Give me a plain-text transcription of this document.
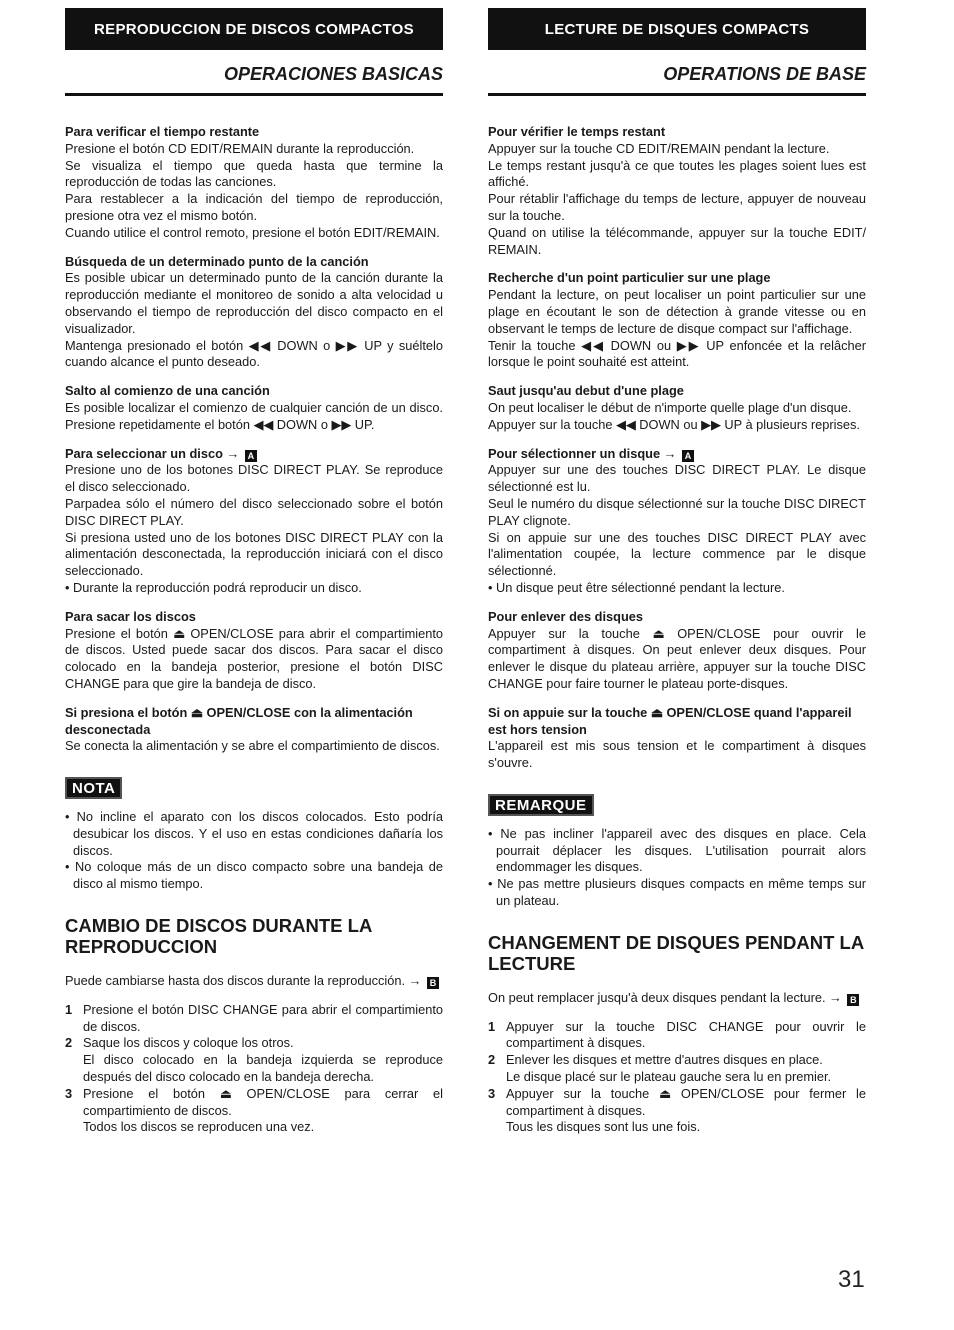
REPRODUCCION DE DISCOS COMPACTOS
OPERACIONES BASICAS
Para verificar el tiempo restante

Presione el botón CD EDIT/REMAIN durante la reproducción.

Se visualiza el tiempo que queda hasta que termine la reproducción de todas las canciones.

Para restablecer a la indicación del tiempo de reproducción, presione otra vez el mismo botón.

Cuando utilice el control remoto, presione el botón EDIT/REMAIN.

Búsqueda de un determinado punto de la canción

Es posible ubicar un determinado punto de la canción durante la reproducción mediante el monitoreo de sonido a alta velocidad u observando el tiempo de reproducción del disco compacto en el visualizador.

Mantenga presionado el botón ◀◀ DOWN o ▶▶ UP y suéltelo cuando alcance el punto deseado.

Salto al comienzo de una canción

Es posible localizar el comienzo de cualquier canción de un disco. Presione repetidamente el botón ◀◀ DOWN o ▶▶ UP.

Para seleccionar un disco → A

Presione uno de los botones DISC DIRECT PLAY. Se reproduce el disco seleccionado.

Parpadea sólo el número del disco seleccionado sobre el botón DISC DIRECT PLAY.

Si presiona usted uno de los botones DISC DIRECT PLAY con la alimentación desconectada, la reproducción iniciará con el disco seleccionado.

• Durante la reproducción podrá reproducir un disco.
Para sacar los discos

Presione el botón ⏏ OPEN/CLOSE para abrir el compartimiento de discos. Usted puede sacar dos discos. Para sacar el disco colocado en la bandeja posterior, presione el botón DISC CHANGE para que gire la bandeja de disco.

Si presiona el botón ⏏ OPEN/CLOSE con la alimentación desconectada

Se conecta la alimentación y se abre el compartimiento de discos.

NOTA
• No incline el aparato con los discos colocados. Esto podría desubicar los discos. Y el uso en estas condiciones dañaría los discos.
• No coloque más de un disco compacto sobre una bandeja de disco al mismo tiempo.
CAMBIO DE DISCOS DURANTE LA REPRODUCCION
Puede cambiarse hasta dos discos durante la reproducción. → B
1 Presione el botón DISC CHANGE para abrir el compartimiento de discos.
2 Saque los discos y coloque los otros.
El disco colocado en la bandeja izquierda se reproduce después del disco colocado en la bandeja derecha.
3 Presione el botón ⏏ OPEN/CLOSE para cerrar el compartimiento de discos.
Todos los discos se reproducen una vez.
LECTURE DE DISQUES COMPACTS
OPERATIONS DE BASE
Pour vérifier le temps restant

Appuyer sur la touche CD EDIT/REMAIN pendant la lecture.

Le temps restant jusqu'à ce que toutes les plages soient lues est affiché.

Pour rétablir l'affichage du temps de lecture, appuyer de nouveau sur la touche.

Quand on utilise la télécommande, appuyer sur la touche EDIT/ REMAIN.

Recherche d'un point particulier sur une plage

Pendant la lecture, on peut localiser un point particulier sur une plage en écoutant le son de détection à grande vitesse ou en observant le temps de lecture de disque compact sur l'affichage.

Tenir la touche ◀◀ DOWN ou ▶▶ UP enfoncée et la relâcher lorsque le point souhaité est atteint.

Saut jusqu'au debut d'une plage

On peut localiser le début de n'importe quelle plage d'un disque.

Appuyer sur la touche ◀◀ DOWN ou ▶▶ UP à plusieurs reprises.

Pour sélectionner un disque → A

Appuyer sur une des touches DISC DIRECT PLAY. Le disque sélectionné est lu.

Seul le numéro du disque sélectionné sur la touche DISC DIRECT PLAY clignote.

Si on appuie sur une des touches DISC DIRECT PLAY avec l'alimentation coupée, la lecture commence par le disque sélectionné.

• Un disque peut être sélectionné pendant la lecture.
Pour enlever des disques

Appuyer sur la touche ⏏ OPEN/CLOSE pour ouvrir le compartiment à disques. On peut enlever deux disques. Pour enlever le disque du plateau arrière, appuyer sur la touche DISC CHANGE pour faire tourner le plateau porte-disques.

Si on appuie sur la touche ⏏ OPEN/CLOSE quand l'appareil est hors tension

L'appareil est mis sous tension et le compartiment à disques s'ouvre.

REMARQUE
• Ne pas incliner l'appareil avec des disques en place. Cela pourrait déplacer les disques. L'utilisation pourrait alors endommager les disques.
• Ne pas mettre plusieurs disques compacts en même temps sur un plateau.
CHANGEMENT DE DISQUES PENDANT LA LECTURE
On peut remplacer jusqu'à deux disques pendant la lecture. → B
1 Appuyer sur la touche DISC CHANGE pour ouvrir le compartiment à disques.
2 Enlever les disques et mettre d'autres disques en place.
Le disque placé sur le plateau gauche sera lu en premier.
3 Appuyer sur la touche ⏏ OPEN/CLOSE pour fermer le compartiment à disques.
Tous les disques sont lus une fois.
31
